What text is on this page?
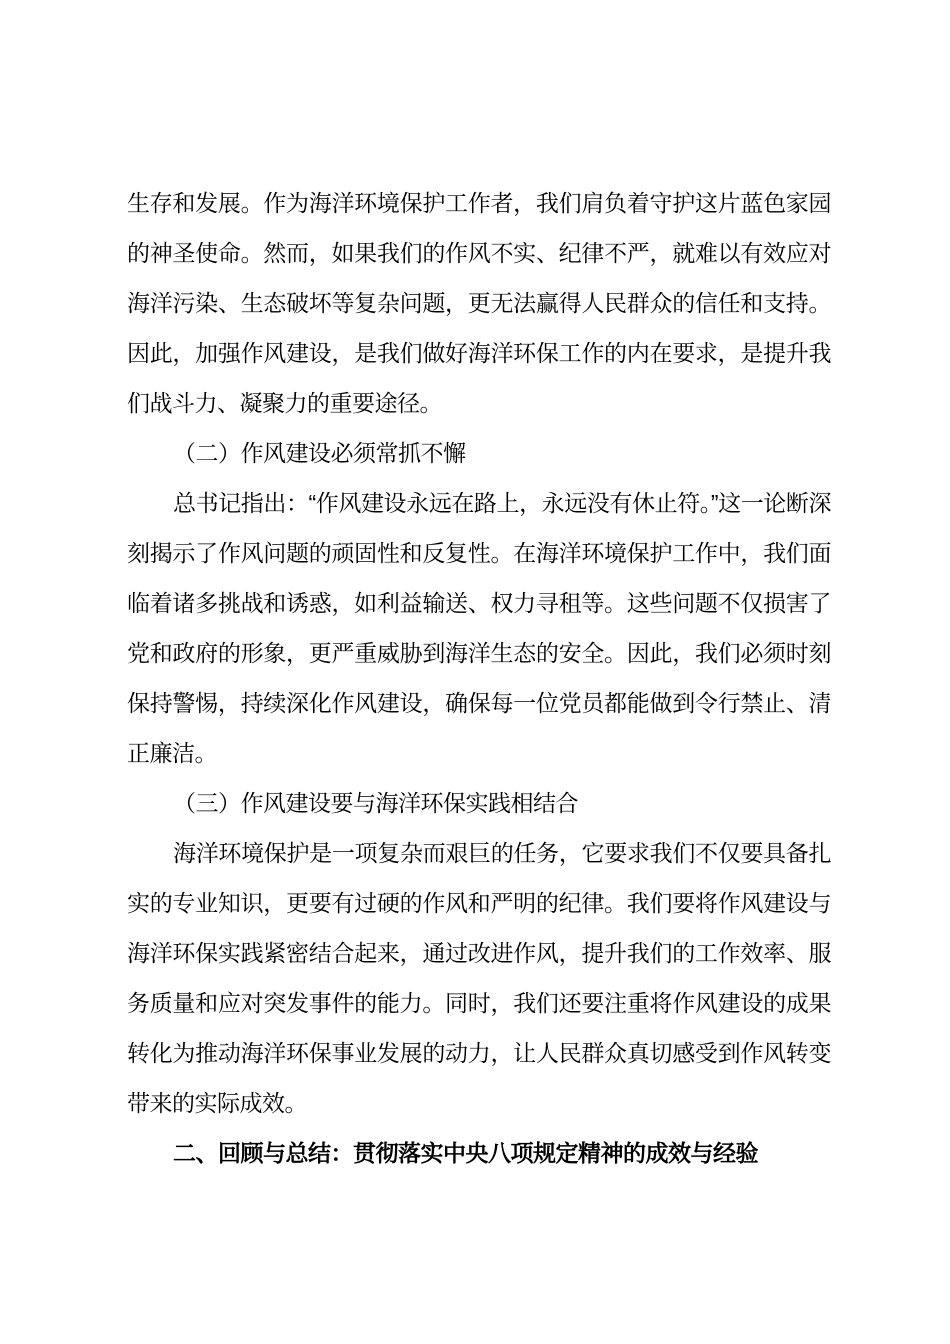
生存和发展。作为海洋环境保护工作者，我们肩负着守护这片蓝色家园的神圣使命。然而，如果我们的作风不实、纪律不严，就难以有效应对海洋污染、生态破坏等复杂问题，更无法赢得人民群众的信任和支持。因此，加强作风建设，是我们做好海洋环保工作的内在要求，是提升我们战斗力、凝聚力的重要途径。

（二）作风建设必须常抓不懈

总书记指出：“作风建设永远在路上，永远没有休止符。”这一论断深刻揭示了作风问题的顽固性和反复性。在海洋环境保护工作中，我们面临着诸多挑战和诱惑，如利益输送、权力寻租等。这些问题不仅损害了党和政府的形象，更严重威胁到海洋生态的安全。因此，我们必须时刻保持警惕，持续深化作风建设，确保每一位党员都能做到令行禁止、清正廉洁。

（三）作风建设要与海洋环保实践相结合

海洋环境保护是一项复杂而艰巨的任务，它要求我们不仅要具备扎实的专业知识，更要有过硬的作风和严明的纪律。我们要将作风建设与海洋环保实践紧密结合起来，通过改进作风，提升我们的工作效率、服务质量和应对突发事件的能力。同时，我们还要注重将作风建设的成果转化为推动海洋环保事业发展的动力，让人民群众真切感受到作风转变带来的实际成效。

二、回顾与总结：贯彻落实中央八项规定精神的成效与经验
